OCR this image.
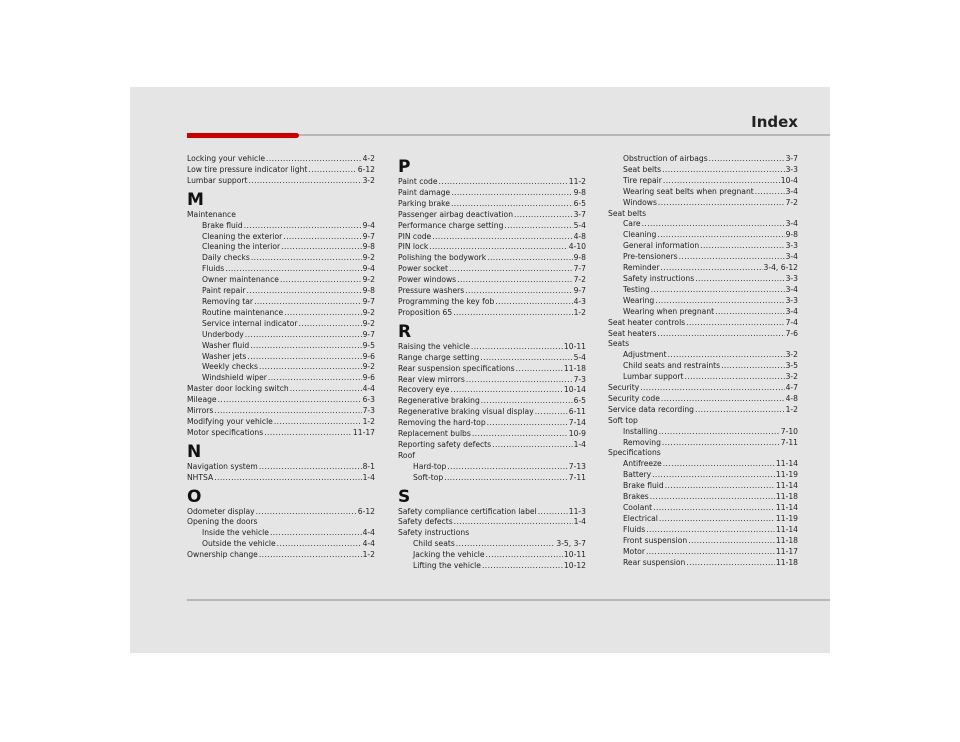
Index
Locking your vehicle .....	4-2
Low tire pressure indicator light .....	6-12
Lumbar support .....	3-2
M
Maintenance
Brake fluid .....	9-4
Cleaning the exterior .....	9-7
Cleaning the interior .....	9-8
Daily checks .....	9-2
Fluids .....	9-4
Owner maintenance .....	9-2
Paint repair .....	9-8
Removing tar .....	9-7
Routine maintenance .....	9-2
Service internal indicator .....	9-2
Underbody .....	9-7
Washer fluid .....	9-5
Washer jets .....	9-6
Weekly checks .....	9-2
Windshield wiper .....	9-6
Master door locking switch .....	4-4
Mileage .....	6-3
Mirrors .....	7-3
Modifying your vehicle .....	1-2
Motor specifications .....	11-17
N
Navigation system .....	8-1
NHTSA .....	1-4
O
Odometer display .....	6-12
Opening the doors
Inside the vehicle .....	4-4
Outside the vehicle .....	4-4
Ownership change .....	1-2
P
Paint code .....	11-2
Paint damage .....	9-8
Parking brake .....	6-5
Passenger airbag deactivation .....	3-7
Performance charge setting .....	5-4
PIN code .....	4-8
PIN lock .....	4-10
Polishing the bodywork .....	9-8
Power socket .....	7-7
Power windows .....	7-2
Pressure washers .....	9-7
Programming the key fob .....	4-3
Proposition 65 .....	1-2
R
Raising the vehicle .....	10-11
Range charge setting .....	5-4
Rear suspension specifications .....	11-18
Rear view mirrors .....	7-3
Recovery eye .....	10-14
Regenerative braking .....	6-5
Regenerative braking visual display .....	6-11
Removing the hard-top .....	7-14
Replacement bulbs .....	10-9
Reporting safety defects .....	1-4
Roof
Hard-top .....	7-13
Soft-top .....	7-11
S
Safety compliance certification label .....	11-3
Safety defects .....	1-4
Safety instructions
Child seats .....	3-5, 3-7
Jacking the vehicle .....	10-11
Lifting the vehicle .....	10-12
Obstruction of airbags .....	3-7
Seat belts .....	3-3
Tire repair .....	10-4
Wearing seat belts when pregnant .....	3-4
Windows .....	7-2
Seat belts
Care .....	3-4
Cleaning .....	9-8
General information .....	3-3
Pre-tensioners .....	3-4
Reminder .....	3-4, 6-12
Safety instructions .....	3-3
Testing .....	3-4
Wearing .....	3-3
Wearing when pregnant .....	3-4
Seat heater controls .....	7-4
Seat heaters .....	7-6
Seats
Adjustment .....	3-2
Child seats and restraints .....	3-5
Lumbar support .....	3-2
Security .....	4-7
Security code .....	4-8
Service data recording .....	1-2
Soft top
Installing .....	7-10
Removing .....	7-11
Specifications
Antifreeze .....	11-14
Battery .....	11-19
Brake fluid .....	11-14
Brakes .....	11-18
Coolant .....	11-14
Electrical .....	11-19
Fluids .....	11-14
Front suspension .....	11-18
Motor .....	11-17
Rear suspension .....	11-18
